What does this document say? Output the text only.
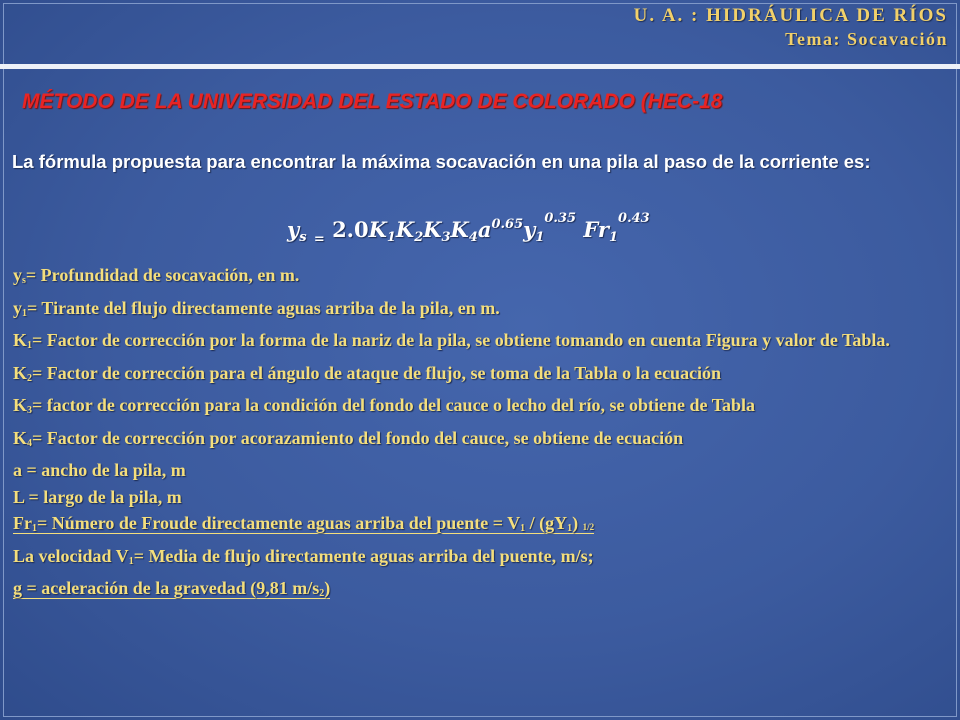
U. A. : HIDRÁULICA DE RÍOS
Tema: Socavación
MÉTODO DE LA UNIVERSIDAD DEL ESTADO DE COLORADO (HEC-18
La fórmula propuesta para encontrar la máxima socavación en una pila al paso de la corriente es:
$y_s$ $_=$ $2.0K_1K_2K_3K_4a^{0.65}y_1^{0.35}$ $Fr_1^{0.43}$
$y_s=$ Profundidad de socavación, en m.
$y_1=$ Tirante del flujo directamente aguas arriba de la pila, en m.
$K_1=$ Factor de corrección por la forma de la nariz de la pila, se obtiene tomando en cuenta Figura y valor de Tabla.
$K_2=$ Factor de corrección para el ángulo de ataque de flujo, se toma de la Tabla o la ecuación
$K_3=$ factor de corrección para la condición del fondo del cauce o lecho del río, se obtiene de Tabla
$K_4=$ Factor de corrección por acorazamiento del fondo del cauce, se obtiene de ecuación
a = ancho de la pila, m
L = largo de la pila, m
$Fr_1=$ Número de Froude directamente aguas arriba del puente = $V_1 / (gY_1)$ $^{1/2}$
La velocidad $V_1=$ Media de flujo directamente aguas arriba del puente, m/s;
g = aceleración de la gravedad (9,81 $m/s_2$)
